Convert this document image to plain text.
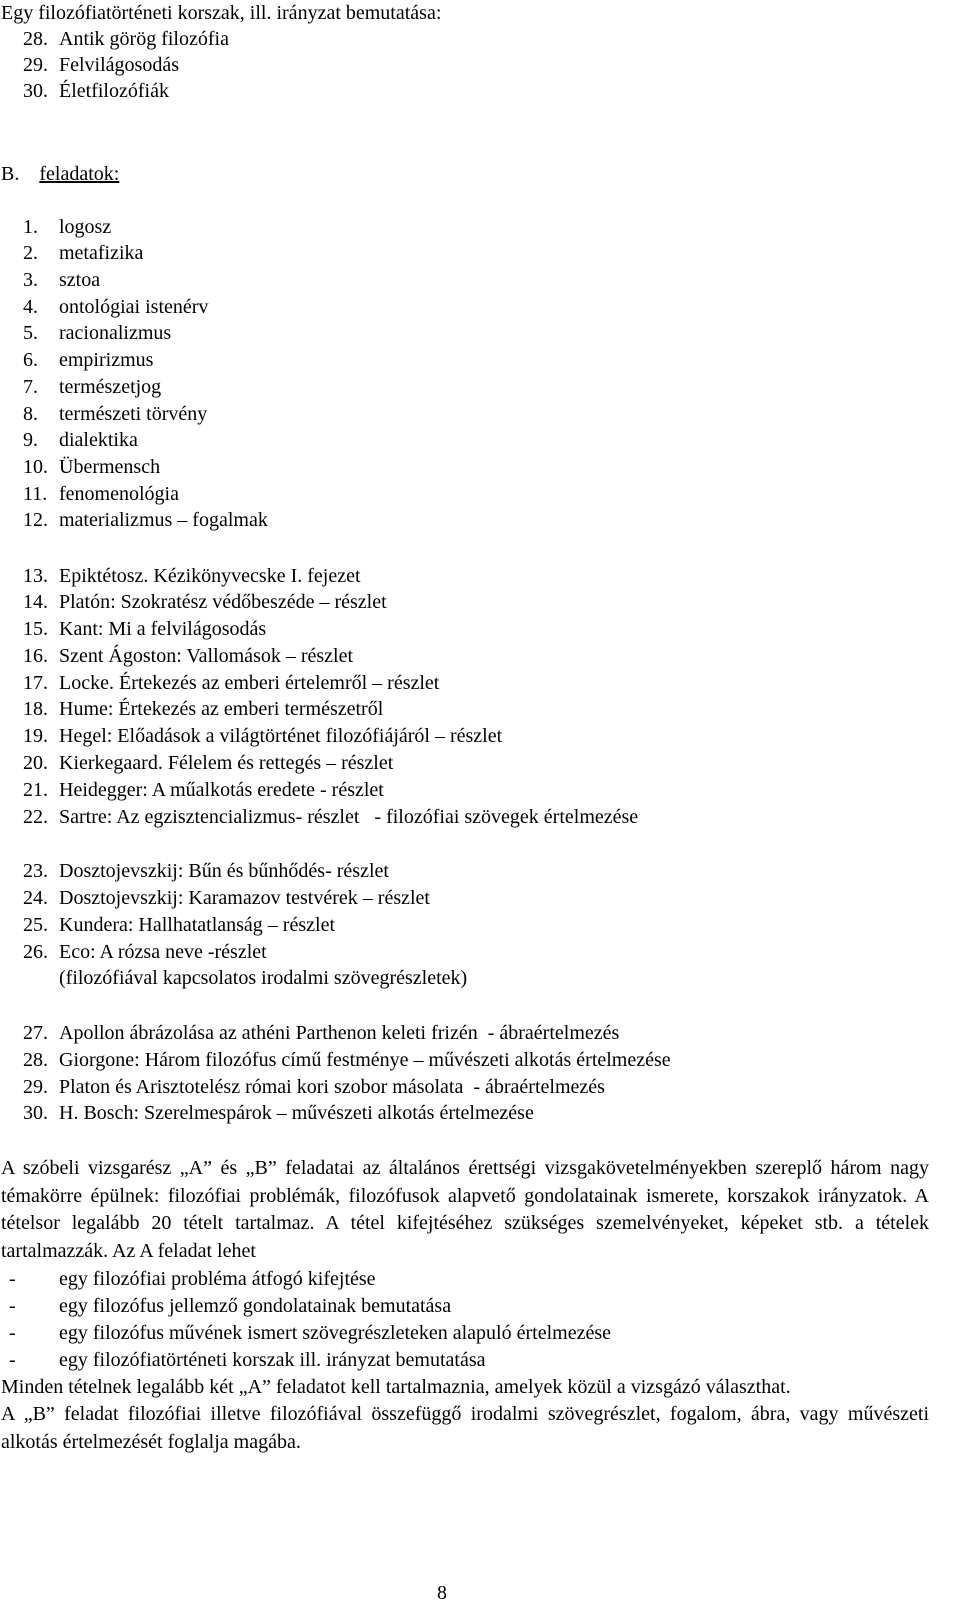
Egy filozófiatörténeti korszak, ill. irányzat bemutatása:
28. Antik görög filozófia
29. Felvilágosodás
30. Életfilozófiák
B. feladatok:
1. logosz
2. metafizika
3. sztoa
4. ontológiai istenérv
5. racionalizmus
6. empirizmus
7. természetjog
8. természeti törvény
9. dialektika
10. Übermensch
11. fenomenológia
12. materializmus – fogalmak
13. Epiktétosz. Kézikönyvecske I. fejezet
14. Platón: Szokratész védőbeszéde – részlet
15. Kant: Mi a felvilágosodás
16. Szent Ágoston: Vallomások – részlet
17. Locke. Értekezés az emberi értelemről – részlet
18. Hume: Értekezés az emberi természetről
19. Hegel: Előadások a világtörténet filozófiájáról – részlet
20. Kierkegaard. Félelem és rettegés – részlet
21. Heidegger: A műalkotás eredete - részlet
22. Sartre: Az egzisztencializmus- részlet   - filozófiai szövegek értelmezése
23. Dosztojevszkij: Bűn és bűnhődés- részlet
24. Dosztojevszkij: Karamazov testvérek – részlet
25. Kundera: Hallhatatlanság – részlet
26. Eco: A rózsa neve -részlet
(filozófiával kapcsolatos irodalmi szövegrészletek)
27. Apollon ábrázolása az athéni Parthenon keleti frizén  - ábraértelmezés
28. Giorgone: Három filozófus című festménye – művészeti alkotás értelmezése
29. Platon és Arisztotelész római kori szobor másolata  - ábraértelmezés
30. H. Bosch: Szerelmespárok – művészeti alkotás értelmezése
A szóbeli vizsgarész „A” és „B” feladatai az általános érettségi vizsgakövetelményekben szereplő három nagy témakörre épülnek: filozófiai problémák, filozófusok alapvető gondolatainak ismerete, korszakok irányzatok. A tételsor legalább 20 tételt tartalmaz. A tétel kifejtéséhez szükséges szemelvényeket, képeket stb. a tételek tartalmazzák. Az A feladat lehet
- egy filozófiai probléma átfogó kifejtése
- egy filozófus jellemző gondolatainak bemutatása
- egy filozófus művének ismert szövegrészleteken alapuló értelmezése
- egy filozófiatörténeti korszak ill. irányzat bemutatása
Minden tételnek legalább két „A” feladatot kell tartalmaznia, amelyek közül a vizsgázó választhat.
A „B” feladat filozófiai illetve filozófiával összefüggő irodalmi szövegrészlet, fogalom, ábra, vagy művészeti alkotás értelmezését foglalja magába.
8
